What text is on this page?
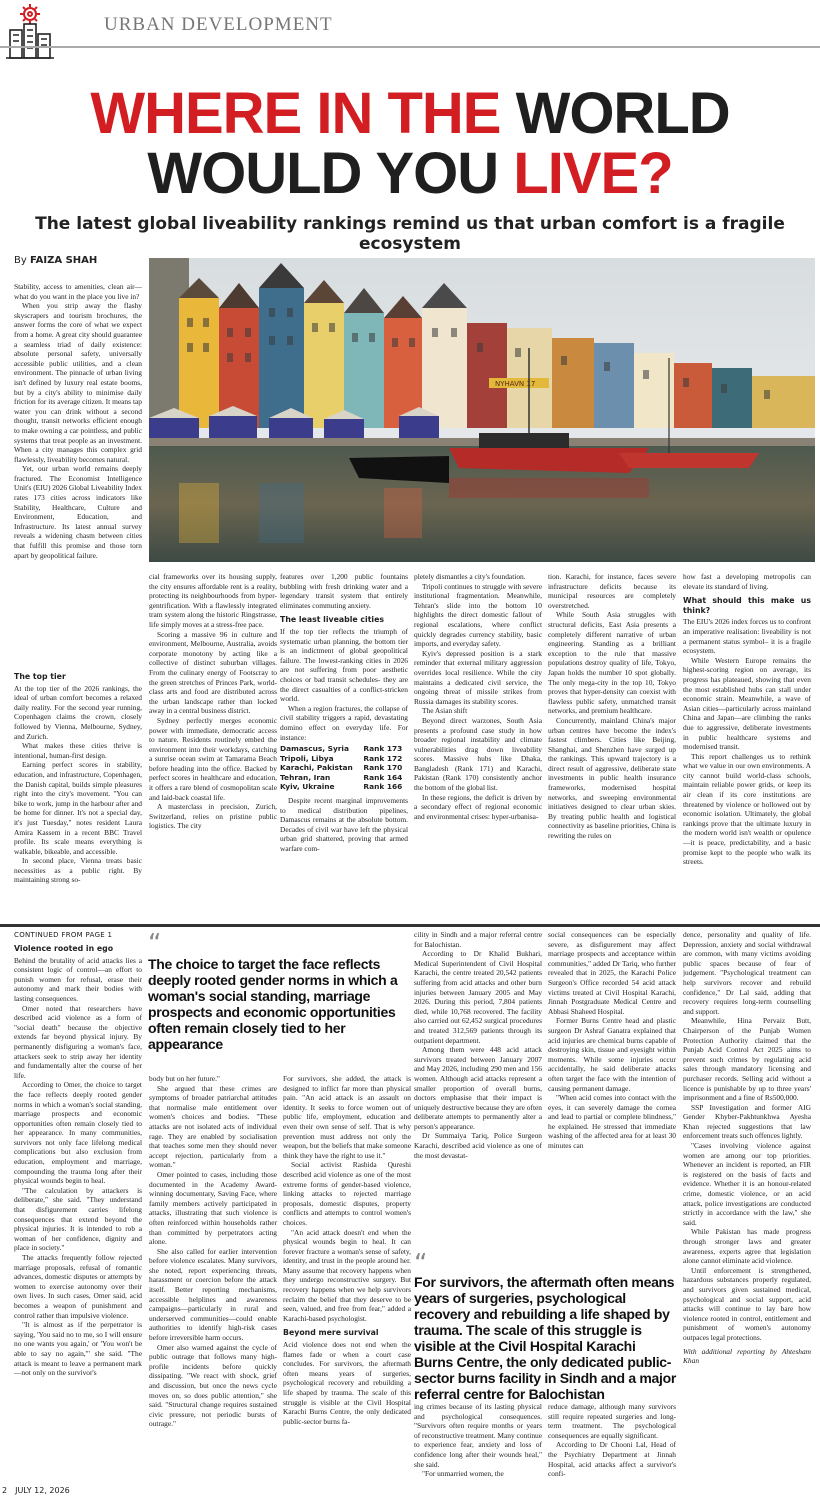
URBAN DEVELOPMENT
WHERE IN THE WORLD
WOULD YOU LIVE?
The latest global liveability rankings remind us that urban comfort is a fragile ecosystem
By FAIZA SHAH
NYHAVN 17

Stability, access to amenities, clean air—what do you want in the place you live in?

When you strip away the flashy skyscrapers and tourism brochures, the answer forms the core of what we expect from a home. A great city should guarantee a seamless triad of daily existence: absolute personal safety, universally accessible public utilities, and a clean environment. The pinnacle of urban living isn't defined by luxury real estate booms, but by a city's ability to minimise daily friction for its average citizen. It means tap water you can drink without a second thought, transit networks efficient enough to make owning a car pointless, and public systems that treat people as an investment. When a city manages this complex grid flawlessly, liveability becomes natural.

Yet, our urban world remains deeply fractured. The Economist Intelligence Unit's (EIU) 2026 Global Liveability Index rates 173 cities across indicators like Stability, Healthcare, Culture and Environment, Education, and Infrastructure. Its latest annual survey reveals a widening chasm between cities that fulfill this promise and those torn apart by geopolitical failure.

The top tier

At the top tier of the 2026 rankings, the ideal of urban comfort becomes a relaxed daily reality. For the second year running, Copenhagen claims the crown, closely followed by Vienna, Melbourne, Sydney, and Zurich.

What makes these cities thrive is intentional, human-first design.

Earning perfect scores in stability, education, and infrastructure, Copenhagen, the Danish capital, builds simple pleasures right into the city's movement. "You can bike to work, jump in the harbour after and be home for dinner. It's not a special day, it's just Tuesday," notes resident Laura Amira Kassem in a recent BBC Travel profile. Its scale means everything is walkable, bikeable, and accessible.

In second place, Vienna treats basic necessities as a public right. By maintaining strong so-

cial frameworks over its housing supply, the city ensures affordable rent is a reality, protecting its neighbourhoods from hyper-gentrification. With a flawlessly integrated tram system along the historic Ringstrasse, life simply moves at a stress-free pace.

Scoring a massive 96 in culture and environment, Melbourne, Australia, avoids corporate monotony by acting like a collective of distinct suburban villages. From the culinary energy of Footscray to the green stretches of Princes Park, world-class arts and food are distributed across the urban landscape rather than locked away in a central business district.

Sydney perfectly merges economic power with immediate, democratic access to nature. Residents routinely embed the environment into their workdays, catching a sunrise ocean swim at Tamarama Beach before heading into the office. Backed by perfect scores in healthcare and education, it offers a rare blend of cosmopolitan scale and laid-back coastal life.

A masterclass in precision, Zurich, Switzerland, relies on pristine public logistics. The city

features over 1,200 public fountains bubbling with fresh drinking water and a legendary transit system that entirely eliminates commuting anxiety.

The least liveable cities

If the top tier reflects the triumph of systematic urban planning, the bottom tier is an indictment of global geopolitical failure. The lowest-ranking cities in 2026 are not suffering from poor aesthetic choices or bad transit schedules- they are the direct casualties of a conflict-stricken world.

When a region fractures, the collapse of civil stability triggers a rapid, devastating domino effect on everyday life. For instance:

Damascus, Syria	Rank 173
Tripoli, Libya	Rank 172
Karachi, Pakistan	Rank 170
Tehran, Iran	Rank 164
Kyiv, Ukraine	Rank 166

Despite recent marginal improvements to medical distribution pipelines, Damascus remains at the absolute bottom. Decades of civil war have left the physical urban grid shattered, proving that armed warfare com-

pletely dismantles a city's foundation.

Tripoli continues to struggle with severe institutional fragmentation. Meanwhile, Tehran's slide into the bottom 10 highlights the direct domestic fallout of regional escalations, where conflict quickly degrades currency stability, basic imports, and everyday safety.

Kyiv's depressed position is a stark reminder that external military aggression overrides local resilience. While the city maintains a dedicated civil service, the ongoing threat of missile strikes from Russia damages its stability scores.

The Asian shift

Beyond direct warzones, South Asia presents a profound case study in how broader regional instability and climate vulnerabilities drag down liveability scores. Massive hubs like Dhaka, Bangladesh (Rank 171) and Karachi, Pakistan (Rank 170) consistently anchor the bottom of the global list.

In these regions, the deficit is driven by a secondary effect of regional economic and environmental crises: hyper-urbanisa-

tion. Karachi, for instance, faces severe infrastructure deficits because its municipal resources are completely overstretched.

While South Asia struggles with structural deficits, East Asia presents a completely different narrative of urban engineering. Standing as a brilliant exception to the rule that massive populations destroy quality of life, Tokyo, Japan holds the number 10 spot globally. The only mega-city in the top 10, Tokyo proves that hyper-density can coexist with flawless public safety, unmatched transit networks, and premium healthcare.

Concurrently, mainland China's major urban centres have become the index's fastest climbers. Cities like Beijing, Shanghai, and Shenzhen have surged up the rankings. This upward trajectory is a direct result of aggressive, deliberate state investments in public health insurance frameworks, modernised hospital networks, and sweeping environmental initiatives designed to clear urban skies. By treating public health and logistical connectivity as baseline priorities, China is rewriting the rules on

how fast a developing metropolis can elevate its standard of living.

What should this make us think?

The EIU's 2026 index forces us to confront an imperative realisation: liveability is not a permanent status symbol– it is a fragile ecosystem.

While Western Europe remains the highest-scoring region on average, its progress has plateaued, showing that even the most established hubs can stall under economic strain. Meanwhile, a wave of Asian cities—particularly across mainland China and Japan—are climbing the ranks due to aggressive, deliberate investments in public healthcare systems and modernised transit.

This report challenges us to rethink what we value in our own environments. A city cannot build world-class schools, maintain reliable power grids, or keep its air clean if its core institutions are threatened by violence or hollowed out by economic isolation. Ultimately, the global rankings prove that the ultimate luxury in the modern world isn't wealth or opulence—it is peace, predictability, and a basic promise kept to the people who walk its streets.

CONTINUED FROM PAGE 1
Violence rooted in ego

Behind the brutality of acid attacks lies a consistent logic of control—an effort to punish women for refusal, erase their autonomy and mark their bodies with lasting consequences.

Omer noted that researchers have described acid violence as a form of "social death" because the objective extends far beyond physical injury. By permanently disfiguring a woman's face, attackers seek to strip away her identity and fundamentally alter the course of her life.

According to Omer, the choice to target the face reflects deeply rooted gender norms in which a woman's social standing, marriage prospects and economic opportunities often remain closely tied to her appearance. In many communities, survivors not only face lifelong medical complications but also exclusion from education, employment and marriage, compounding the trauma long after their physical wounds begin to heal.

"The calculation by attackers is deliberate," she said. "They understand that disfigurement carries lifelong consequences that extend beyond the physical injuries. It is intended to rob a woman of her confidence, dignity and place in society."

The attacks frequently follow rejected marriage proposals, refusal of romantic advances, domestic disputes or attempts by women to exercise autonomy over their own lives. In such cases, Omer said, acid becomes a weapon of punishment and control rather than impulsive violence.

"It is almost as if the perpetrator is saying, 'You said no to me, so I will ensure no one wants you again,' or 'You won't be able to say no again,'" she said. "The attack is meant to leave a permanent mark—not only on the survivor's

“
The choice to target the face reflects deeply rooted gender norms in which a woman's social standing, marriage prospects and economic opportunities often remain closely tied to her appearance

body but on her future."

She argued that these crimes are symptoms of broader patriarchal attitudes that normalise male entitlement over women's choices and bodies. "These attacks are not isolated acts of individual rage. They are enabled by socialisation that teaches some men they should never accept rejection, particularly from a woman."

Omer pointed to cases, including those documented in the Academy Award-winning documentary, Saving Face, where family members actively participated in attacks, illustrating that such violence is often reinforced within households rather than committed by perpetrators acting alone.

She also called for earlier intervention before violence escalates. Many survivors, she noted, report experiencing threats, harassment or coercion before the attack itself. Better reporting mechanisms, accessible helplines and awareness campaigns—particularly in rural and underserved communities—could enable authorities to identify high-risk cases before irreversible harm occurs.

Omer also warned against the cycle of public outrage that follows many high-profile incidents before quickly dissipating. "We react with shock, grief and discussion, but once the news cycle moves on, so does public attention," she said. "Structural change requires sustained civic pressure, not periodic bursts of outrage."

For survivors, she added, the attack is designed to inflict far more than physical pain. "An acid attack is an assault on identity. It seeks to force women out of public life, employment, education and even their own sense of self. That is why prevention must address not only the weapon, but the beliefs that make someone think they have the right to use it."

Social activist Rashida Qureshi described acid violence as one of the most extreme forms of gender-based violence, linking attacks to rejected marriage proposals, domestic disputes, property conflicts and attempts to control women's choices.

"An acid attack doesn't end when the physical wounds begin to heal. It can forever fracture a woman's sense of safety, identity, and trust in the people around her. Many assume that recovery happens when they undergo reconstructive surgery. But recovery happens when we help survivors reclaim the belief that they deserve to be seen, valued, and free from fear," added a Karachi-based psychologist.

Beyond mere survival

Acid violence does not end when the flames fade or when a court case concludes. For survivors, the aftermath often means years of surgeries, psychological recovery and rebuilding a life shaped by trauma. The scale of this struggle is visible at the Civil Hospital Karachi Burns Centre, the only dedicated public-sector burns fa-

cility in Sindh and a major referral centre for Balochistan.

According to Dr Khalid Bukhari, Medical Superintendent of Civil Hospital Karachi, the centre treated 20,542 patients suffering from acid attacks and other burn injuries between January 2005 and May 2026. During this period, 7,804 patients died, while 10,768 recovered. The facility also carried out 62,452 surgical procedures and treated 312,569 patients through its outpatient department.

Among them were 448 acid attack survivors treated between January 2007 and May 2026, including 290 men and 156 women. Although acid attacks represent a smaller proportion of overall burns, doctors emphasise that their impact is uniquely destructive because they are often deliberate attempts to permanently alter a person's appearance.

Dr Summaiya Tariq, Police Surgeon Karachi, described acid violence as one of the most devastat-

social consequences can be especially severe, as disfigurement may affect marriage prospects and acceptance within communities," added Dr Tariq, who further revealed that in 2025, the Karachi Police Surgeon's Office recorded 54 acid attack victims treated at Civil Hospital Karachi, Jinnah Postgraduate Medical Centre and Abbasi Shaheed Hospital.

Former Burns Centre head and plastic surgeon Dr Ashraf Ganatra explained that acid injuries are chemical burns capable of destroying skin, tissue and eyesight within moments. While some injuries occur accidentally, he said deliberate attacks often target the face with the intention of causing permanent damage.

"When acid comes into contact with the eyes, it can severely damage the cornea and lead to partial or complete blindness," he explained. He stressed that immediate washing of the affected area for at least 30 minutes can

“
For survivors, the aftermath often means years of surgeries, psychological recovery and rebuilding a life shaped by trauma. The scale of this struggle is visible at the Civil Hospital Karachi Burns Centre, the only dedicated public-sector burns facility in Sindh and a major referral centre for Balochistan

ing crimes because of its lasting physical and psychological consequences. "Survivors often require months or years of reconstructive treatment. Many continue to experience fear, anxiety and loss of confidence long after their wounds heal," she said.

"For unmarried women, the

reduce damage, although many survivors still require repeated surgeries and long-term treatment. The psychological consequences are equally significant.

According to Dr Chooni Lal, Head of the Psychiatry Department at Jinnah Hospital, acid attacks affect a survivor's confi-

dence, personality and quality of life. Depression, anxiety and social withdrawal are common, with many victims avoiding public spaces because of fear of judgement. "Psychological treatment can help survivors recover and rebuild confidence," Dr Lal said, adding that recovery requires long-term counselling and support.

Meanwhile, Hina Pervaiz Butt, Chairperson of the Punjab Women Protection Authority claimed that the Punjab Acid Control Act 2025 aims to prevent such crimes by regulating acid sales through mandatory licensing and purchaser records. Selling acid without a licence is punishable by up to three years' imprisonment and a fine of Rs500,000.

SSP Investigation and former AIG Gender Khyber-Pakhtunkhwa Ayesha Khan rejected suggestions that law enforcement treats such offences lightly.

"Cases involving violence against women are among our top priorities. Whenever an incident is reported, an FIR is registered on the basis of facts and evidence. Whether it is an honour-related crime, domestic violence, or an acid attack, police investigations are conducted strictly in accordance with the law," she said.

While Pakistan has made progress through stronger laws and greater awareness, experts agree that legislation alone cannot eliminate acid violence.

Until enforcement is strengthened, hazardous substances properly regulated, and survivors given sustained medical, psychological and social support, acid attacks will continue to lay bare how violence rooted in control, entitlement and punishment of women's autonomy outpaces legal protections.

With additional reporting by Ahtesham Khan

2 JULY 12, 2026
